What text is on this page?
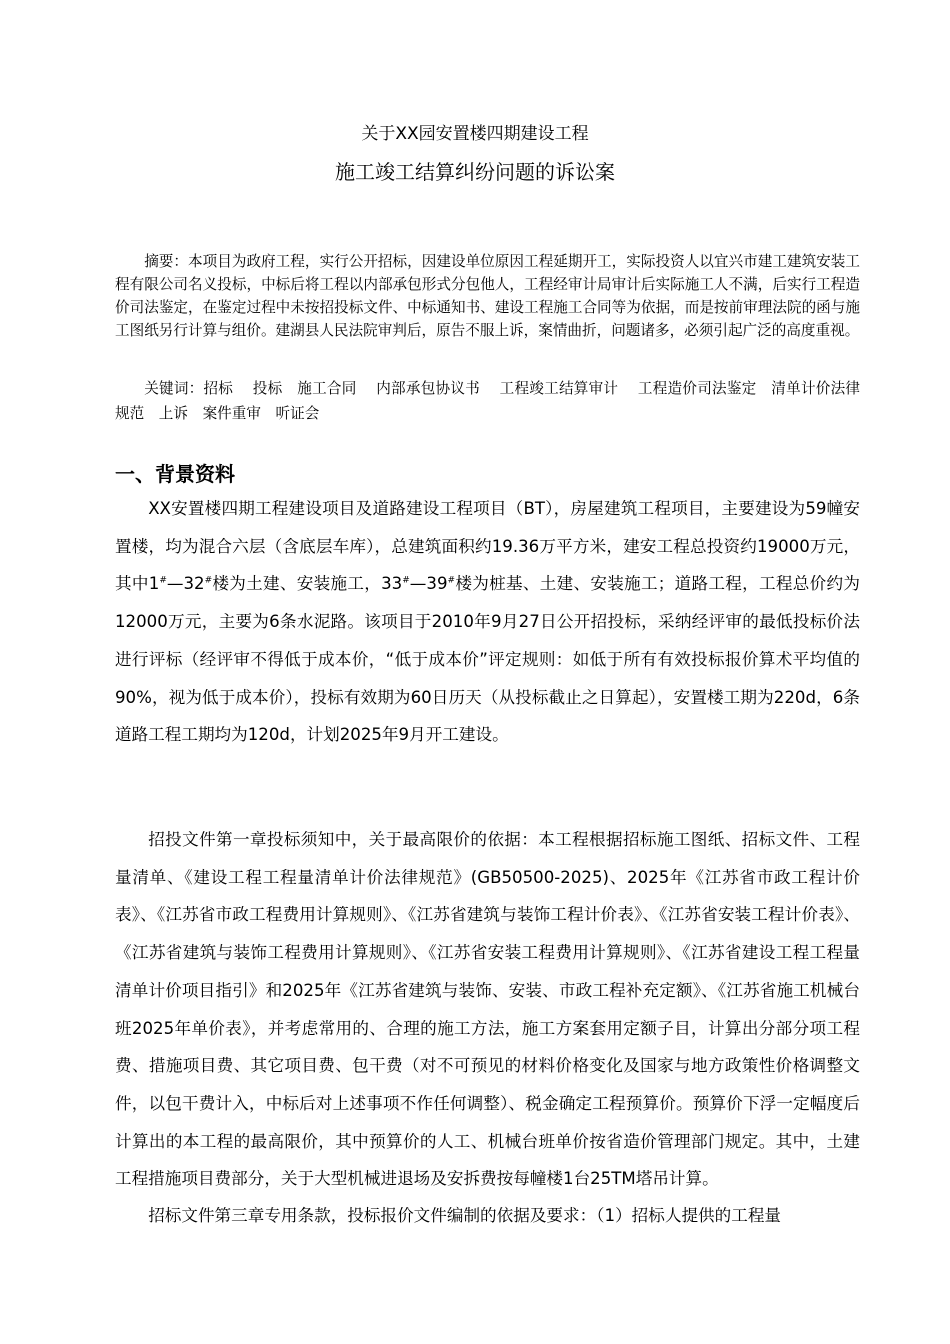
关于XX园安置楼四期建设工程
施工竣工结算纠纷问题的诉讼案

摘要：本项目为政府工程，实行公开招标，因建设单位原因工程延期开工，实际投资人以宜兴市建工建筑安装工程有限公司名义投标，中标后将工程以内部承包形式分包他人，工程经审计局审计后实际施工人不满，后实行工程造价司法鉴定，在鉴定过程中未按招投标文件、中标通知书、建设工程施工合同等为依据，而是按前审理法院的函与施工图纸另行计算与组价。建湖县人民法院审判后，原告不服上诉，案情曲折，问题诸多，必须引起广泛的高度重视。

关键词：招标　 投标　施工合同　 内部承包协议书　 工程竣工结算审计　 工程造价司法鉴定　清单计价法律规范　上诉　案件重审　听证会

一、背景资料

XX安置楼四期工程建设项目及道路建设工程项目（BT），房屋建筑工程项目，主要建设为59幢安置楼，均为混合六层（含底层车库），总建筑面积约19.36万平方米，建安工程总投资约19000万元，其中1#—32#楼为土建、安装施工，33#—39#楼为桩基、土建、安装施工；道路工程，工程总价约为12000万元，主要为6条水泥路。该项目于2010年9月27日公开招投标，采纳经评审的最低投标价法进行评标（经评审不得低于成本价，“低于成本价”评定规则：如低于所有有效投标报价算术平均值的90%，视为低于成本价），投标有效期为60日历天（从投标截止之日算起），安置楼工期为220d，6条道路工程工期均为120d，计划2025年9月开工建设。

招投文件第一章投标须知中，关于最高限价的依据：本工程根据招标施工图纸、招标文件、工程量清单、《建设工程工程量清单计价法律规范》(GB50500-2025)、2025年《江苏省市政工程计价表》、《江苏省市政工程费用计算规则》、《江苏省建筑与装饰工程计价表》、《江苏省安装工程计价表》、《江苏省建筑与装饰工程费用计算规则》、《江苏省安装工程费用计算规则》、《江苏省建设工程工程量清单计价项目指引》和2025年《江苏省建筑与装饰、安装、市政工程补充定额》、《江苏省施工机械台班2025年单价表》，并考虑常用的、合理的施工方法，施工方案套用定额子目，计算出分部分项工程费、措施项目费、其它项目费、包干费（对不可预见的材料价格变化及国家与地方政策性价格调整文件，以包干费计入，中标后对上述事项不作任何调整）、税金确定工程预算价。预算价下浮一定幅度后计算出的本工程的最高限价，其中预算价的人工、机械台班单价按省造价管理部门规定。其中，土建工程措施项目费部分，关于大型机械进退场及安拆费按每幢楼1台25TM塔吊计算。

招标文件第三章专用条款，投标报价文件编制的依据及要求：（1）招标人提供的工程量
